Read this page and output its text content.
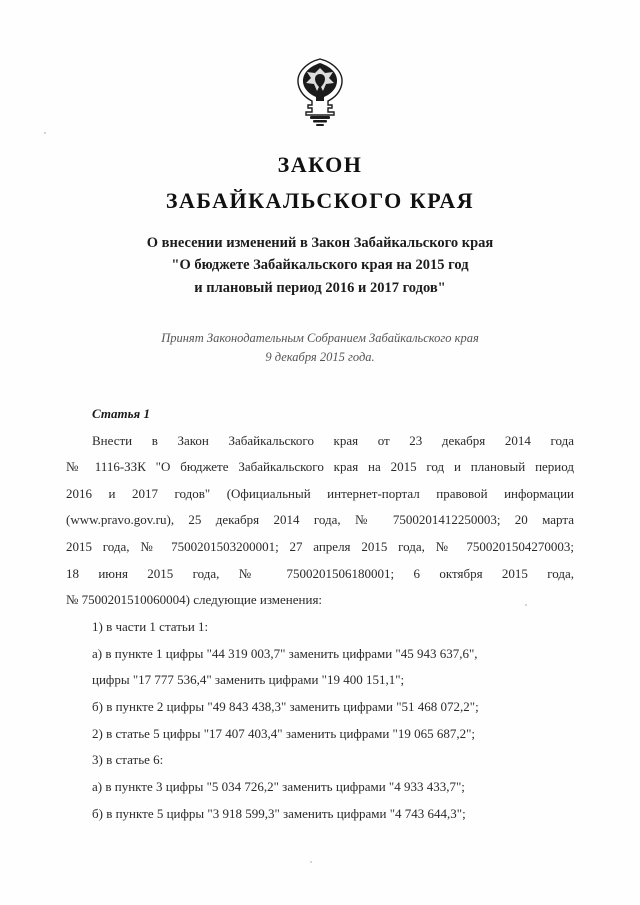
ЗАКОН
ЗАБАЙКАЛЬСКОГО КРАЯ
О внесении изменений в Закон Забайкальского края
"О бюджете Забайкальского края на 2015 год
и плановый период 2016 и 2017 годов"
Принят Законодательным Собранием Забайкальского края
9 декабря 2015 года.
Статья 1

Внести в Закон Забайкальского края от 23 декабря 2014 года

№ 1116-ЗЗК "О бюджете Забайкальского края на 2015 год и плановый период

2016 и 2017 годов" (Официальный интернет-портал правовой информации

(www.pravo.gov.ru), 25 декабря 2014 года, № 7500201412250003; 20 марта

2015 года, № 7500201503200001; 27 апреля 2015 года, № 7500201504270003;

18 июня 2015 года, № 7500201506180001; 6 октября 2015 года,

№ 7500201510060004) следующие изменения:

1) в части 1 статьи 1:

а) в пункте 1 цифры "44 319 003,7" заменить цифрами "45 943 637,6",

цифры "17 777 536,4" заменить цифрами "19 400 151,1";

б) в пункте 2 цифры "49 843 438,3" заменить цифрами "51 468 072,2";

2) в статье 5 цифры "17 407 403,4" заменить цифрами "19 065 687,2";

3) в статье 6:

а) в пункте 3 цифры "5 034 726,2" заменить цифрами "4 933 433,7";

б) в пункте 5 цифры "3 918 599,3" заменить цифрами "4 743 644,3";
